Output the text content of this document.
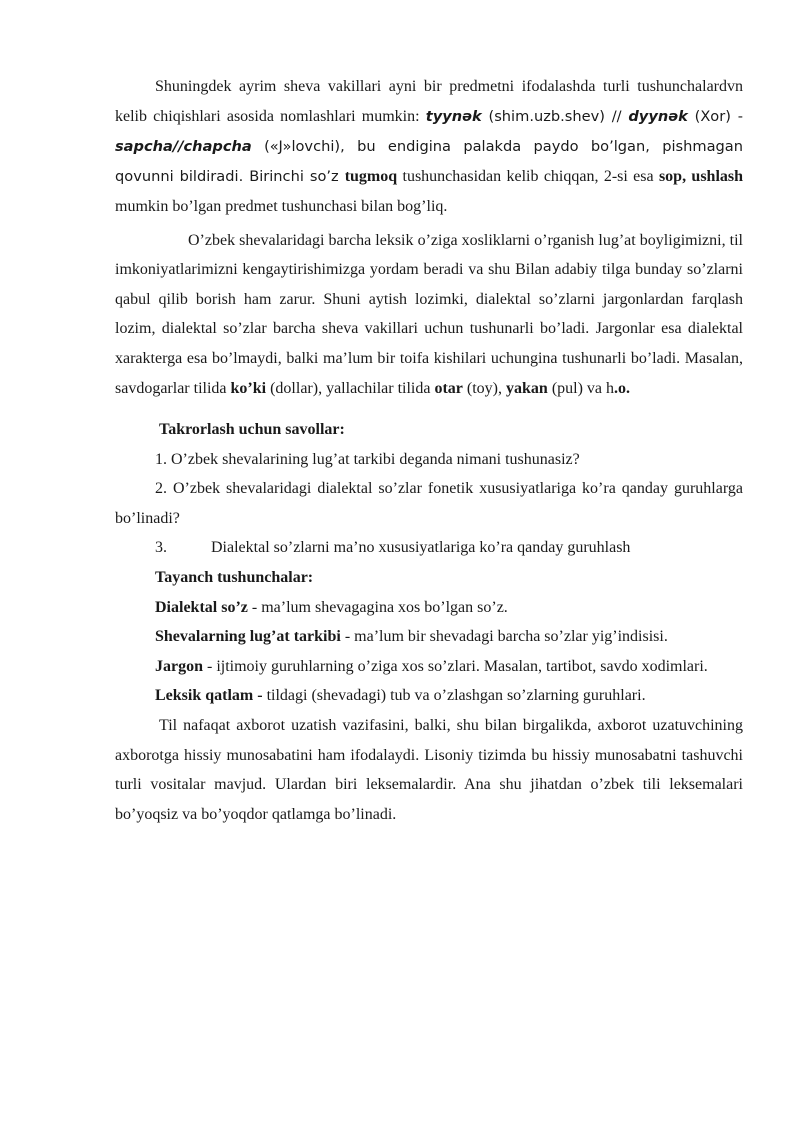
Shuningdek ayrim sheva vakillari ayni bir predmetni ifodalashda turli tushunchalardvn kelib chiqishlari asosida nomlashlari mumkin: tyynək (shim.uzb.shev) // dyynək (Xor) - sapcha//chapcha («J»lovchi), bu endigina palakda paydo bo’lgan, pishmagan qovunni bildiradi. Birinchi so’z tugmoq tushunchasidan kelib chiqqan, 2-si esa sop, ushlash mumkin bo’lgan predmet tushunchasi bilan bog’liq.

O’zbek shevalaridagi barcha leksik o’ziga xosliklarni o’rganish lug’at boyligimizni, til imkoniyatlarimizni kengaytirishimizga yordam beradi va shu Bilan adabiy tilga bunday so’zlarni qabul qilib borish ham zarur. Shuni aytish lozimki, dialektal so’zlarni jargonlardan farqlash lozim, dialektal so’zlar barcha sheva vakillari uchun tushunarli bo’ladi. Jargonlar esa dialektal xarakterga esa bo’lmaydi, balki ma’lum bir toifa kishilari uchungina tushunarli bo’ladi. Masalan, savdogarlar tilida ko’ki (dollar), yallachilar tilida otar (toy), yakan (pul) va h.o.

Takrorlash uchun savollar:

1. O’zbek shevalarining lug’at tarkibi deganda nimani tushunasiz?

2. O’zbek shevalaridagi dialektal so’zlar fonetik xususiyatlariga ko’ra qanday guruhlarga bo’linadi?

3.	Dialektal so’zlarni ma’no xususiyatlariga ko’ra qanday guruhlash

Tayanch tushunchalar:

Dialektal so’z - ma’lum shevagagina xos bo’lgan so’z.

Shevalarning lug’at tarkibi - ma’lum bir shevadagi barcha so’zlar yig’indisisi.

Jargon - ijtimoiy guruhlarning o’ziga xos so’zlari. Masalan, tartibot, savdo xodimlari.

Leksik qatlam - tildagi (shevadagi) tub va o’zlashgan so’zlarning guruhlari.

Til nafaqat axborot uzatish vazifasini, balki, shu bilan birgalikda, axborot uzatuvchining axborotga hissiy munosabatini ham ifodalaydi. Lisoniy tizimda bu hissiy munosabatni tashuvchi turli vositalar mavjud. Ulardan biri leksemalardir. Ana shu jihatdan o’zbek tili leksemalari bo’yoqsiz va bo’yoqdor qatlamga bo’linadi.
